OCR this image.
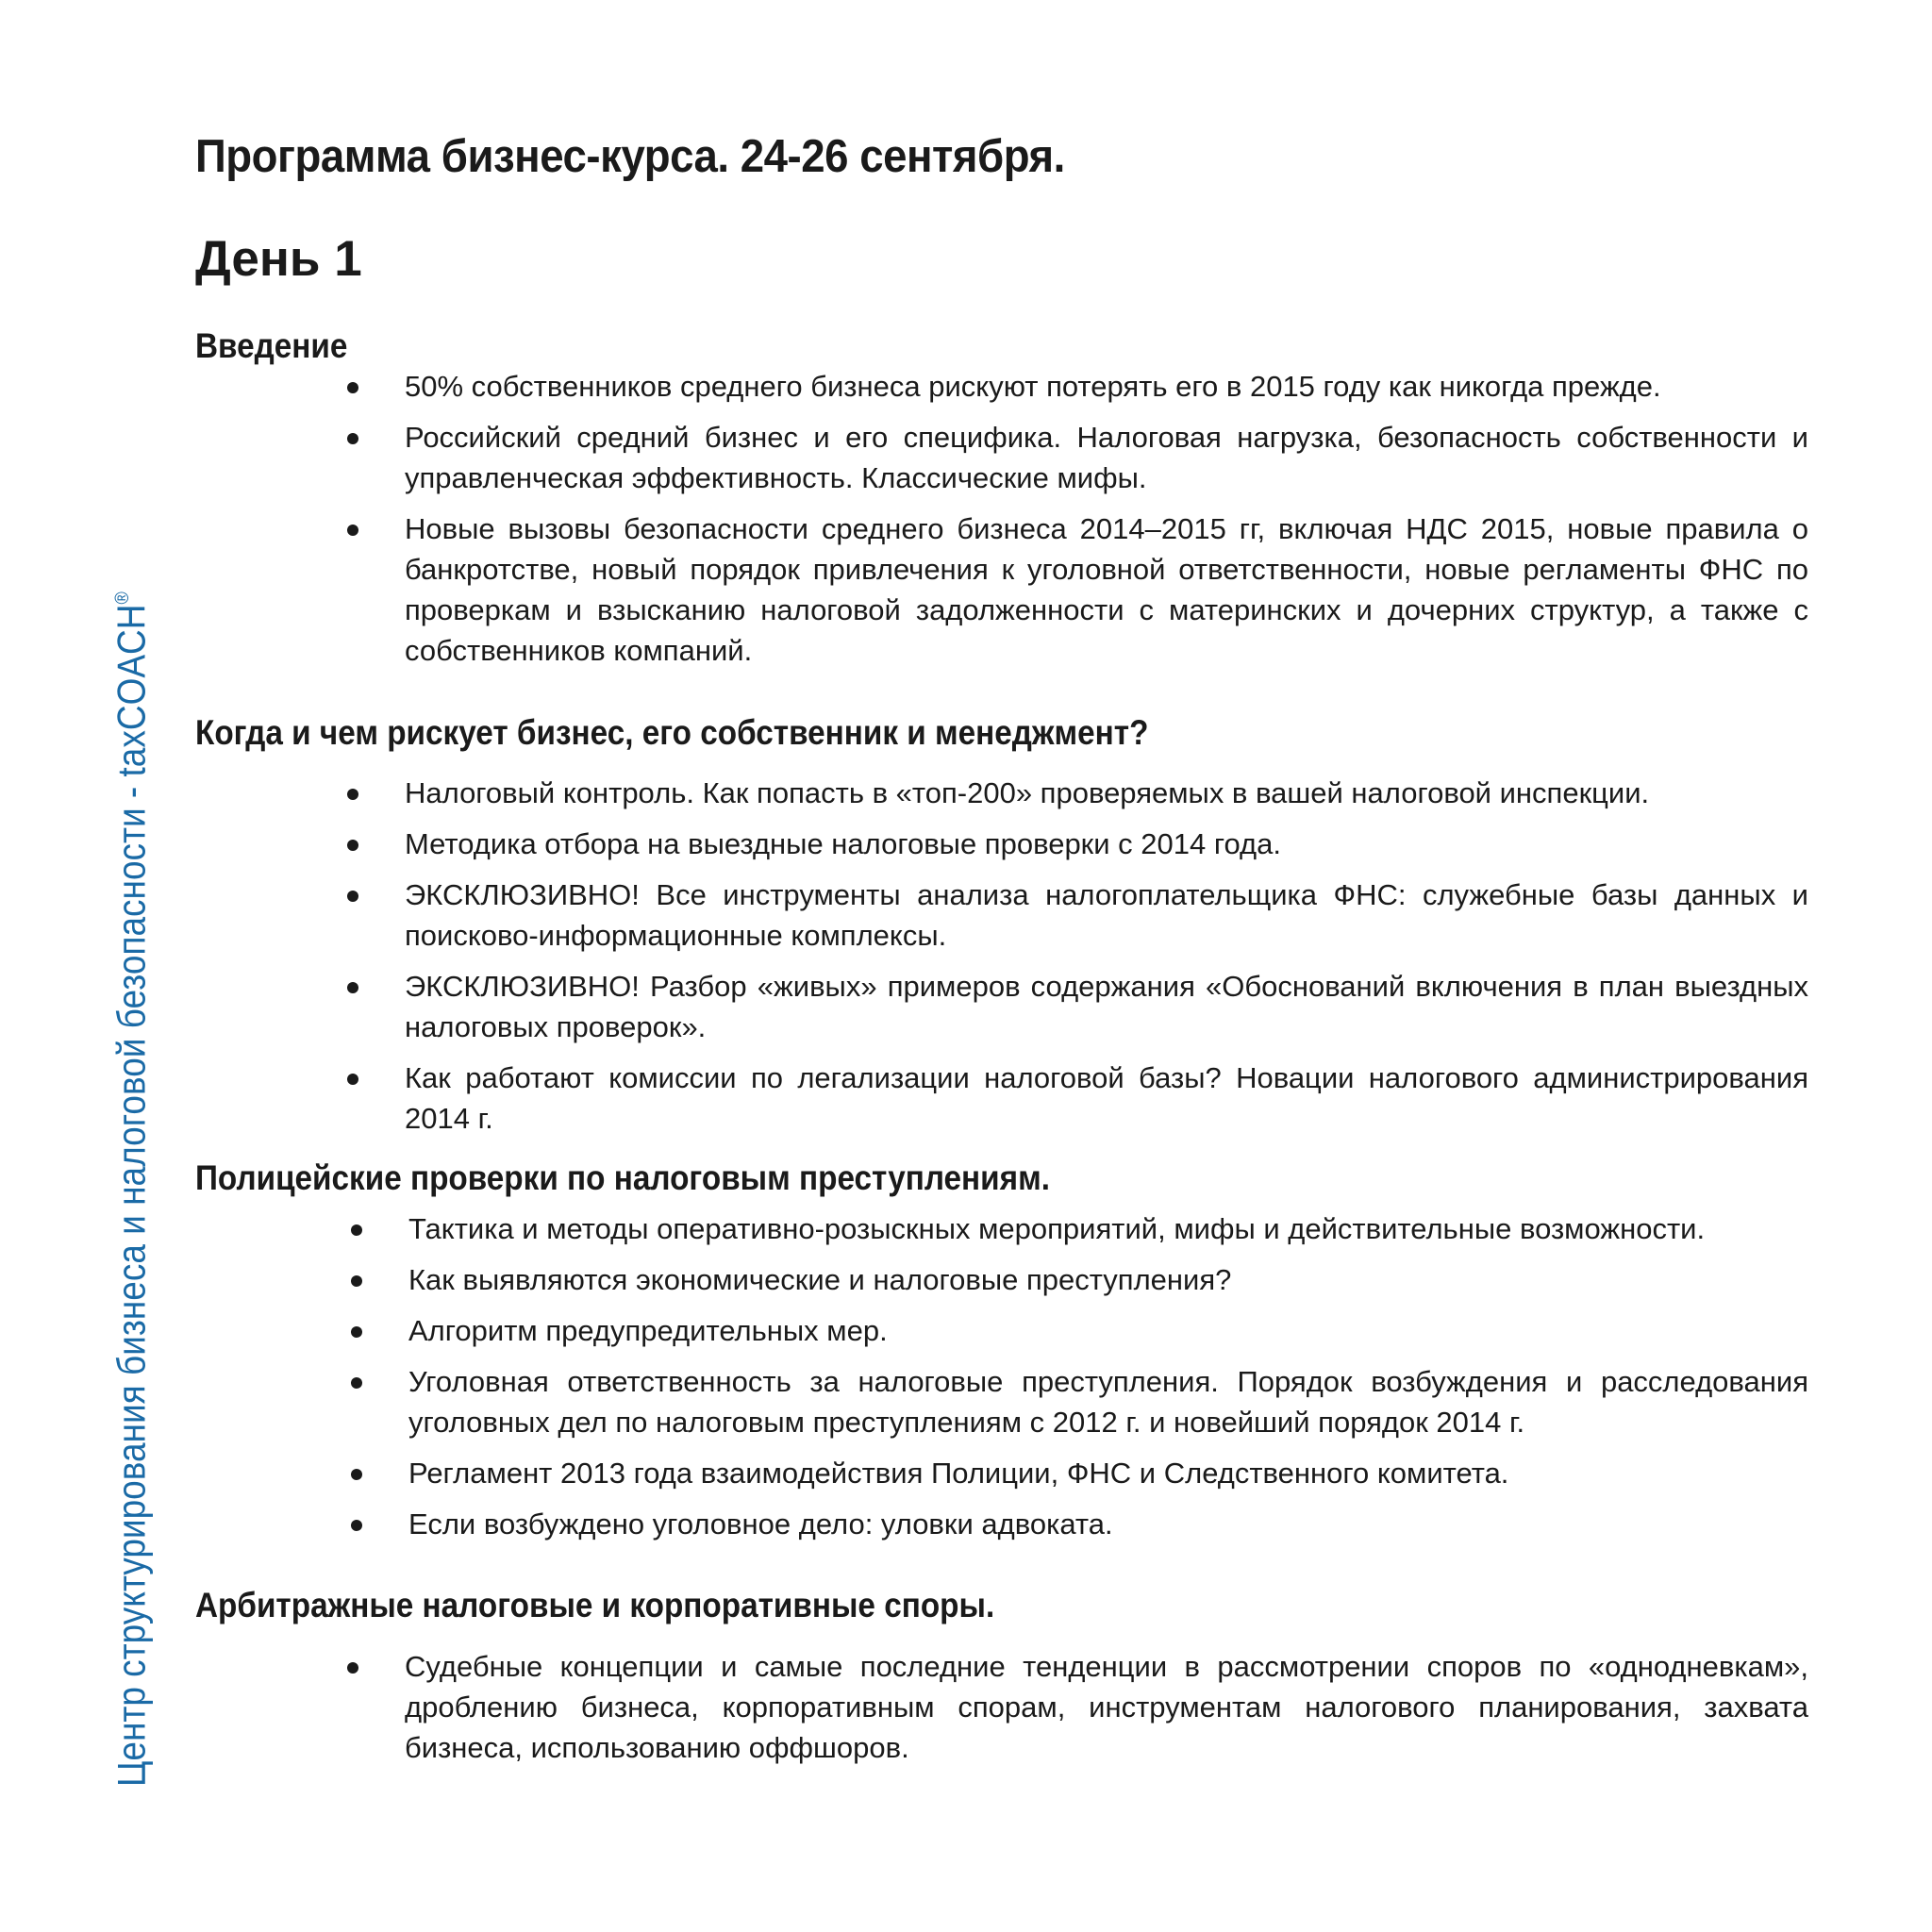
Центр структурирования бизнеса и налоговой безопасности - taxCOACH®
Программа бизнес-курса. 24-26 сентября.
День 1
Введение
50% собственников среднего бизнеса рискуют потерять его в 2015 году как никогда прежде.
Российский средний бизнес и его специфика. Налоговая нагрузка, безопасность собственности и управленческая эффективность. Классические мифы.
Новые вызовы безопасности среднего бизнеса 2014–2015 гг, включая НДС 2015, новые правила о банкротстве, новый порядок привлечения к уголовной ответственности, новые регламенты ФНС по проверкам и взысканию налоговой задолженности с материнских и дочерних структур, а также с собственников компаний.
Когда и чем рискует бизнес, его собственник и менеджмент?
Налоговый контроль. Как попасть в «топ-200» проверяемых в вашей налоговой инспекции.
Методика отбора на выездные налоговые проверки с 2014 года.
ЭКСКЛЮЗИВНО! Все инструменты анализа налогоплательщика ФНС: служебные базы данных и поисково-информационные комплексы.
ЭКСКЛЮЗИВНО! Разбор «живых» примеров содержания «Обоснований включения в план выездных налоговых проверок».
Как работают комиссии по легализации налоговой базы? Новации налогового администрирования 2014 г.
Полицейские проверки по налоговым преступлениям.
Тактика и методы оперативно-розыскных мероприятий, мифы и действительные возможности.
Как выявляются экономические и налоговые преступления?
Алгоритм предупредительных мер.
Уголовная ответственность за налоговые преступления. Порядок возбуждения и расследования уголовных дел по налоговым преступлениям с 2012 г. и новейший порядок 2014 г.
Регламент 2013 года взаимодействия Полиции, ФНС и Следственного комитета.
Если возбуждено уголовное дело: уловки адвоката.
Арбитражные налоговые и корпоративные споры.
Судебные концепции и самые последние тенденции в рассмотрении споров по «однодневкам», дроблению бизнеса, корпоративным спорам, инструментам налогового планирования, захвата бизнеса, использованию оффшоров.
